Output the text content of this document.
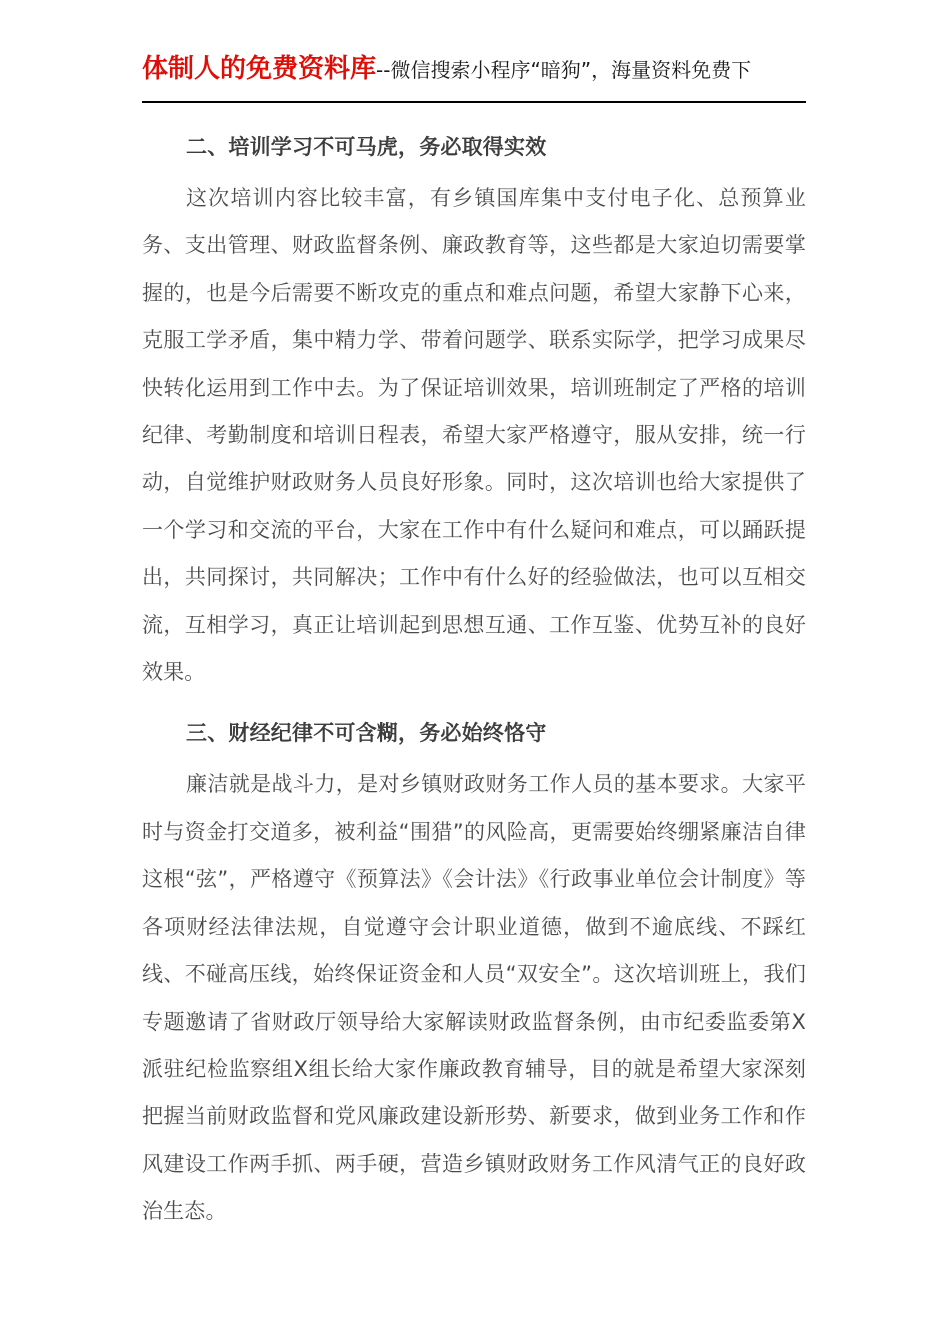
体制人的免费资料库--微信搜索小程序“暗狗”，海量资料免费下
二、培训学习不可马虎，务必取得实效

这次培训内容比较丰富，有乡镇国库集中支付电子化、总预算业务、支出管理、财政监督条例、廉政教育等，这些都是大家迫切需要掌握的，也是今后需要不断攻克的重点和难点问题，希望大家静下心来，克服工学矛盾，集中精力学、带着问题学、联系实际学，把学习成果尽快转化运用到工作中去。为了保证培训效果，培训班制定了严格的培训纪律、考勤制度和培训日程表，希望大家严格遵守，服从安排，统一行动，自觉维护财政财务人员良好形象。同时，这次培训也给大家提供了一个学习和交流的平台，大家在工作中有什么疑问和难点，可以踊跃提出，共同探讨，共同解决；工作中有什么好的经验做法，也可以互相交流，互相学习，真正让培训起到思想互通、工作互鉴、优势互补的良好效果。

三、财经纪律不可含糊，务必始终恪守

廉洁就是战斗力，是对乡镇财政财务工作人员的基本要求。大家平时与资金打交道多，被利益“围猎”的风险高，更需要始终绷紧廉洁自律这根“弦”，严格遵守《预算法》《会计法》《行政事业单位会计制度》等各项财经法律法规，自觉遵守会计职业道德，做到不逾底线、不踩红线、不碰高压线，始终保证资金和人员“双安全”。这次培训班上，我们专题邀请了省财政厅领导给大家解读财政监督条例，由市纪委监委第X派驻纪检监察组X组长给大家作廉政教育辅导，目的就是希望大家深刻把握当前财政监督和党风廉政建设新形势、新要求，做到业务工作和作风建设工作两手抓、两手硬，营造乡镇财政财务工作风清气正的良好政治生态。
